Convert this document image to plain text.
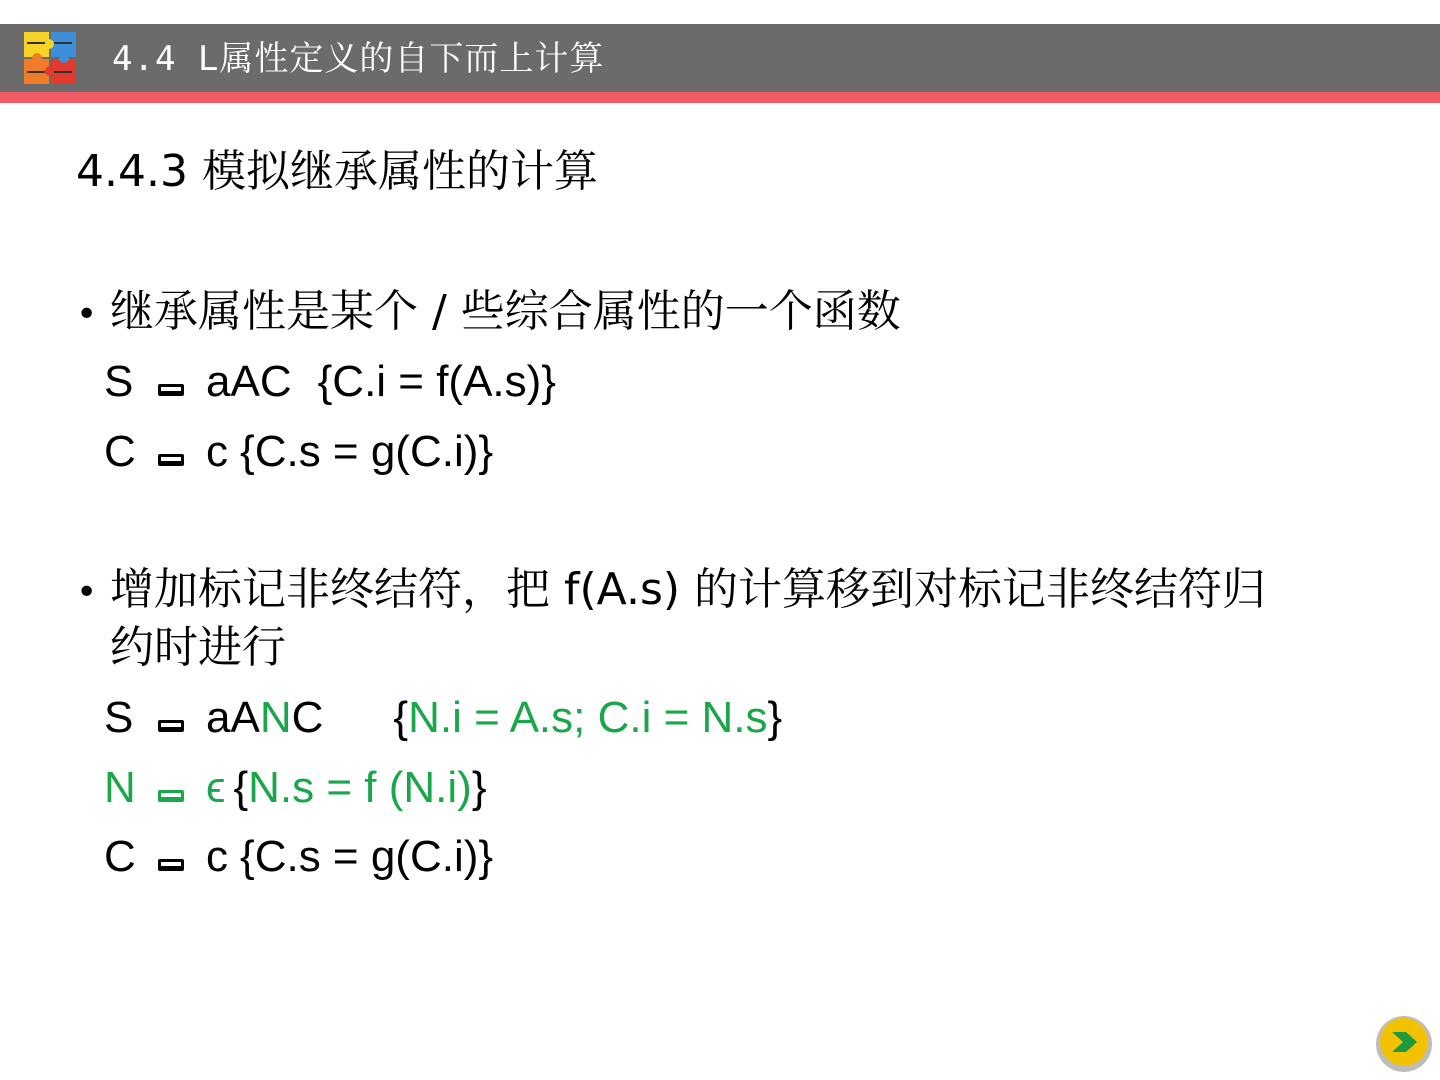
4.4 L属性定义的自下而上计算
4.4.3 模拟继承属性的计算
• 继承属性是某个 / 些综合属性的一个函数
S aAC {C.i = f(A.s)}
C c {C.s = g(C.i)}
• 增加标记非终结符，把 f(A.s) 的计算移到对标记非终结符归
约时进行
S aANC {N.i = A.s; C.i = N.s}
N ϵ {N.s = f (N.i)}
C c {C.s = g(C.i)}
